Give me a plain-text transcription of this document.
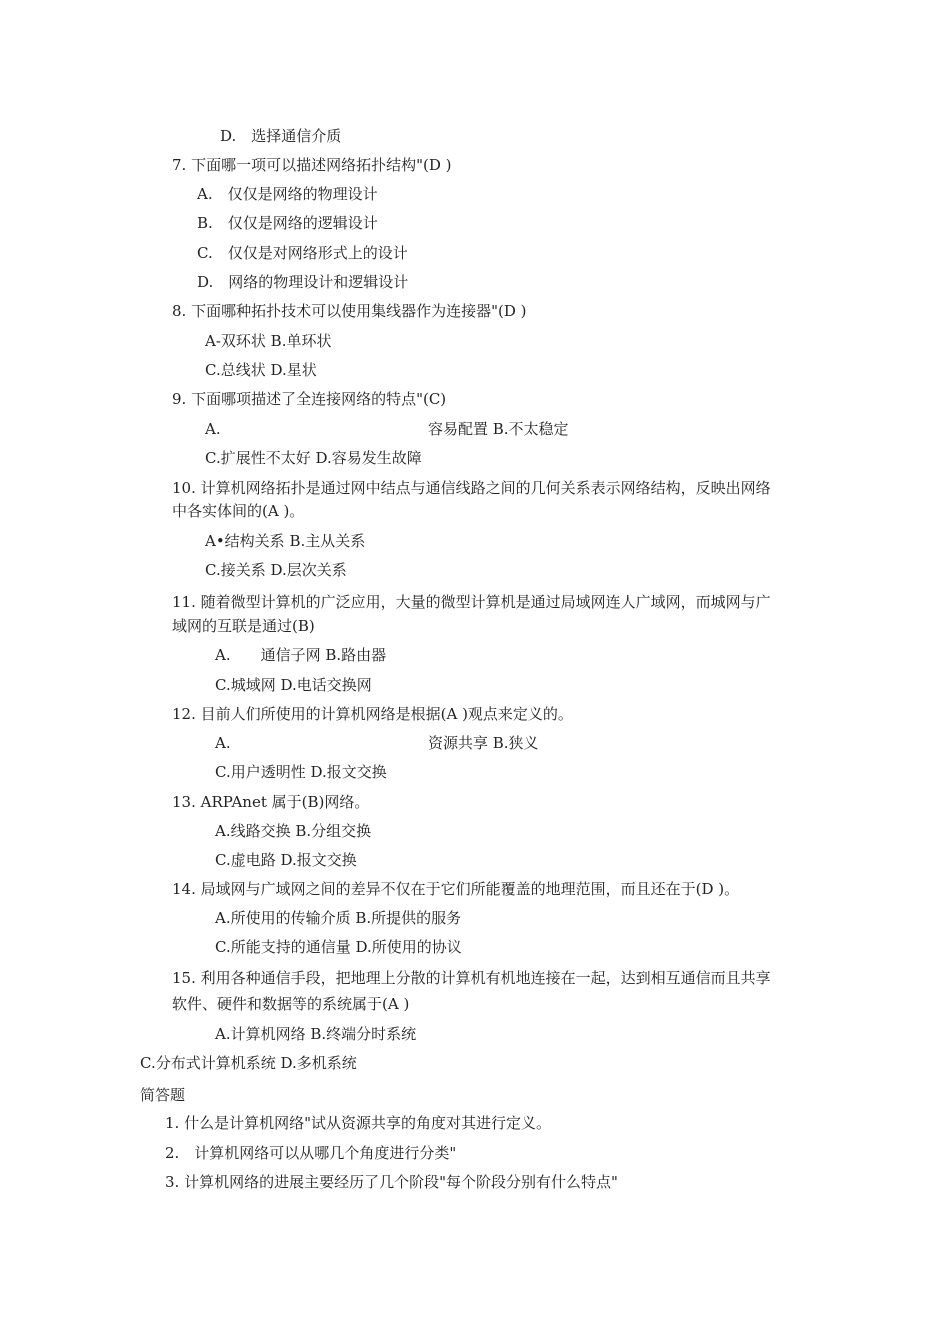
D.　选择通信介质
7. 下面哪一项可以描述网络拓扑结构"(D )
A.　仅仅是网络的物理设计
B.　仅仅是网络的逻辑设计
C.　仅仅是对网络形式上的设计
D.　网络的物理设计和逻辑设计
8. 下面哪种拓扑技术可以使用集线器作为连接器"(D )
A-双环状 B.单环状
C.总线状 D.星状
9. 下面哪项描述了全连接网络的特点"(C)
A.	容易配置 B.不太稳定
C.扩展性不太好 D.容易发生故障
10. 计算机网络拓扑是通过网中结点与通信线路之间的几何关系表示网络结构，反映出网络
中各实体间的(A )。
A•结构关系 B.主从关系
C.接关系 D.层次关系
11. 随着微型计算机的广泛应用，大量的微型计算机是通过局域网连人广域网，而城网与广
域网的互联是通过(B)
A.　　通信子网 B.路由器
C.城域网 D.电话交换网
12. 目前人们所使用的计算机网络是根据(A )观点来定义的。
A.	资源共享 B.狭义
C.用户透明性 D.报文交换
13. ARPAnet 属于(B)网络。
A.线路交换 B.分组交换
C.虚电路 D.报文交换
14. 局域网与广域网之间的差异不仅在于它们所能覆盖的地理范围，而且还在于(D )。
A.所使用的传输介质 B.所提供的服务
C.所能支持的通信量 D.所使用的协议
15. 利用各种通信手段，把地理上分散的计算机有机地连接在一起，达到相互通信而且共享
软件、硬件和数据等的系统属于(A )
A.计算机网络 B.终端分时系统
C.分布式计算机系统 D.多机系统
简答题
1. 什么是计算机网络"试从资源共享的角度对其进行定义。
2.　计算机网络可以从哪几个角度进行分类"
3. 计算机网络的进展主要经历了几个阶段"每个阶段分别有什么特点"
